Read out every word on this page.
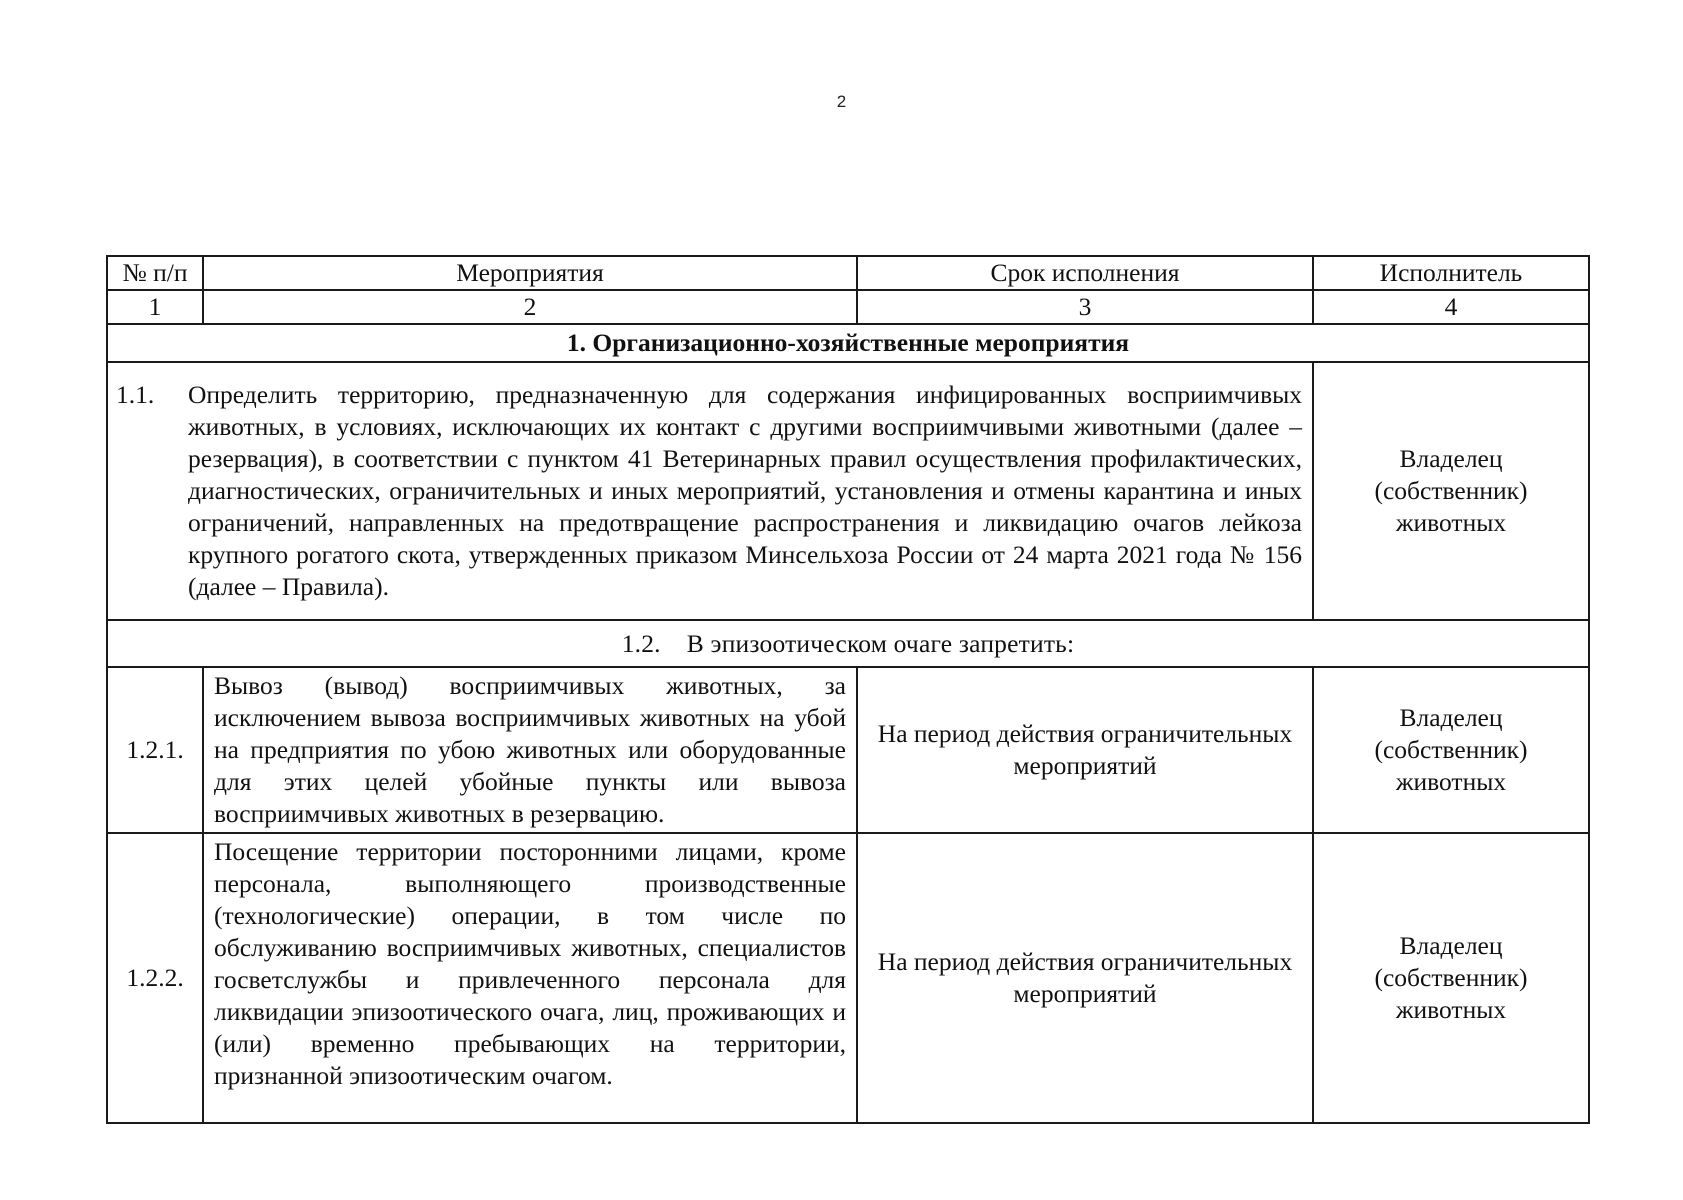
2
№ п/п	Мероприятия	Срок исполнения	Исполнитель
1	2	3	4
1. Организационно-хозяйственные мероприятия			

1.1. Определить территорию, предназначенную для содержания инфицированных восприимчивых животных, в условиях, исключающих их контакт с другими восприимчивыми животными (далее – резервация), в соответствии с пунктом 41 Ветеринарных правил осуществления профилактических, диагностических, ограничительных и иных мероприятий, установления и отмены карантина и иных ограничений, направленных на предотвращение распространения и ликвидацию очагов лейкоза крупного рогатого скота, утвержденных приказом Минсельхоза России от 24 марта 2021 года № 156 (далее – Правила).			Владелец (собственник) животных
1.2. В эпизоотическом очаге запретить:			
1.2.1.	Вывоз (вывод) восприимчивых животных, за исключением вывоза восприимчивых животных на убой на предприятия по убою животных или оборудованные для этих целей убойные пункты или вывоза восприимчивых животных в резервацию.	На период действия ограничительных мероприятий	Владелец (собственник) животных
1.2.2.	Посещение территории посторонними лицами, кроме персонала, выполняющего производственные (технологические) операции, в том числе по обслуживанию восприимчивых животных, специалистов госветслужбы и привлеченного персонала для ликвидации эпизоотического очага, лиц, проживающих и (или) временно пребывающих на территории, признанной эпизоотическим очагом.	На период действия ограничительных мероприятий	Владелец (собственник) животных
